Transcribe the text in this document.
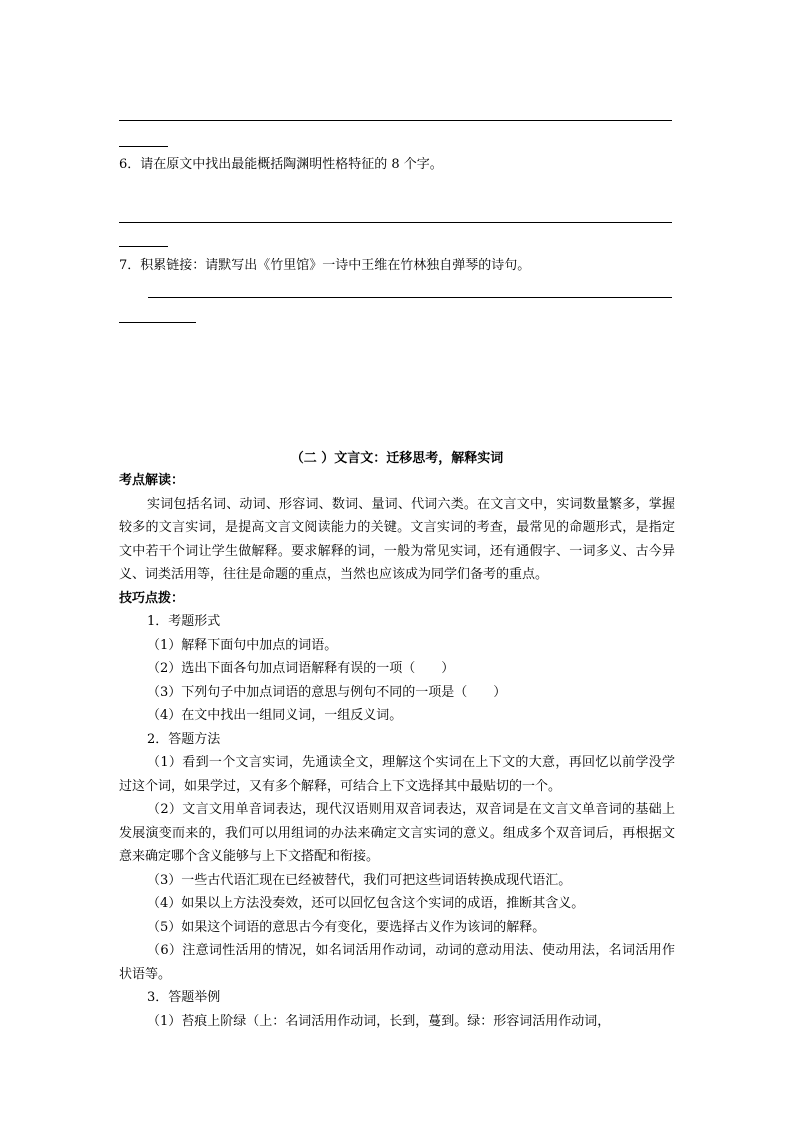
6．请在原文中找出最能概括陶渊明性格特征的 8 个字。
7．积累链接：请默写出《竹里馆》一诗中王维在竹林独自弹琴的诗句。
（二 ）文言文：迁移思考，解释实词

考点解读：

实词包括名词、动词、形容词、数词、量词、代词六类。在文言文中，实词数量繁多，掌握较多的文言实词，是提高文言文阅读能力的关键。文言实词的考查，最常见的命题形式，是指定文中若干个词让学生做解释。要求解释的词，一般为常见实词，还有通假字、一词多义、古今异义、词类活用等，往往是命题的重点，当然也应该成为同学们备考的重点。

技巧点拨：

1．考题形式

（1）解释下面句中加点的词语。

（2）选出下面各句加点词语解释有误的一项（　　）

（3）下列句子中加点词语的意思与例句不同的一项是（　　）

（4）在文中找出一组同义词，一组反义词。

2．答题方法

（1）看到一个文言实词，先通读全文，理解这个实词在上下文的大意，再回忆以前学没学过这个词，如果学过，又有多个解释，可结合上下文选择其中最贴切的一个。

（2）文言文用单音词表达，现代汉语则用双音词表达，双音词是在文言文单音词的基础上发展演变而来的，我们可以用组词的办法来确定文言实词的意义。组成多个双音词后，再根据文意来确定哪个含义能够与上下文搭配和衔接。

（3）一些古代语汇现在已经被替代，我们可把这些词语转换成现代语汇。

（4）如果以上方法没奏效，还可以回忆包含这个实词的成语，推断其含义。

（5）如果这个词语的意思古今有变化，要选择古义作为该词的解释。

（6）注意词性活用的情况，如名词活用作动词，动词的意动用法、使动用法，名词活用作状语等。

3．答题举例

（1）苔痕上阶绿（上：名词活用作动词，长到，蔓到。绿：形容词活用作动词，
